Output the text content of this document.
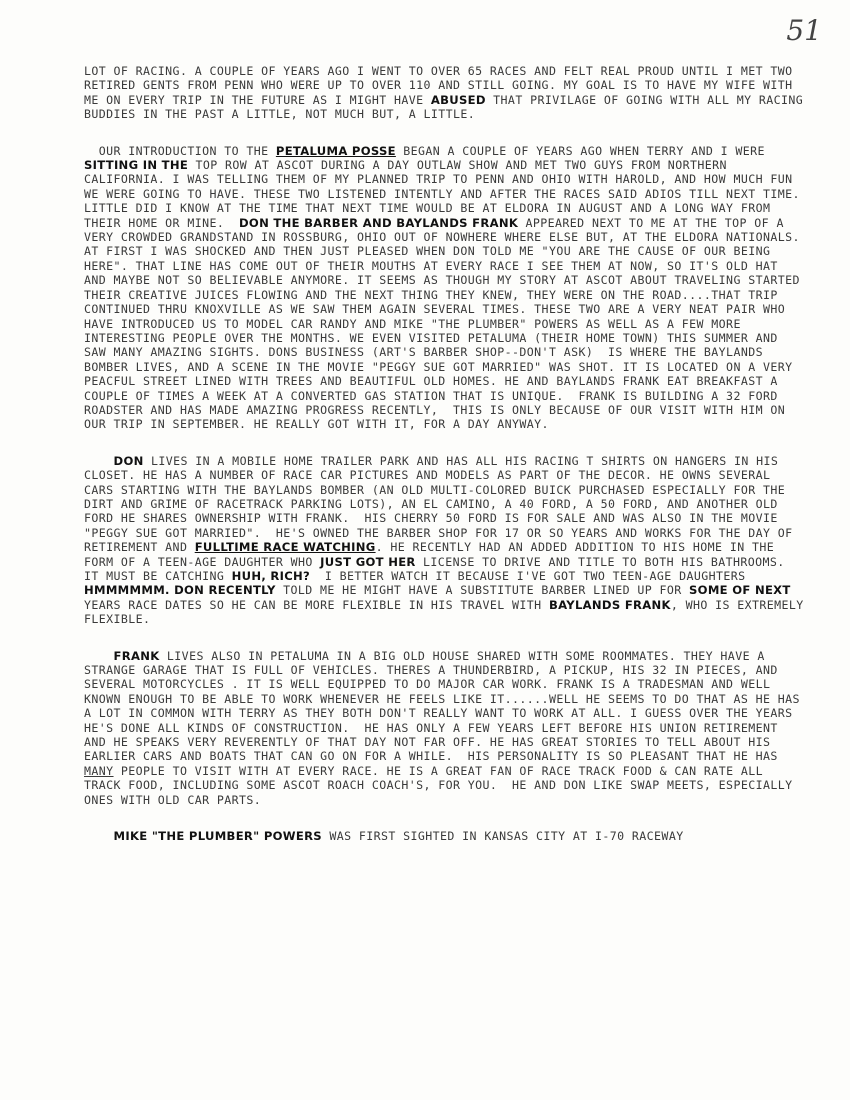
51

LOT OF RACING. A COUPLE OF YEARS AGO I WENT TO OVER 65 RACES AND FELT REAL PROUD UNTIL I MET TWO RETIRED GENTS FROM PENN WHO WERE UP TO OVER 110 AND STILL GOING. MY GOAL IS TO HAVE MY WIFE WITH ME ON EVERY TRIP IN THE FUTURE AS I MIGHT HAVE ABUSED THAT PRIVILAGE OF GOING WITH ALL MY RACING BUDDIES IN THE PAST A LITTLE, NOT MUCH BUT, A LITTLE.

OUR INTRODUCTION TO THE PETALUMA POSSE BEGAN A COUPLE OF YEARS AGO WHEN TERRY AND I WERE SITTING IN THE TOP ROW AT ASCOT DURING A DAY OUTLAW SHOW AND MET TWO GUYS FROM NORTHERN CALIFORNIA. I WAS TELLING THEM OF MY PLANNED TRIP TO PENN AND OHIO WITH HAROLD, AND HOW MUCH FUN WE WERE GOING TO HAVE. THESE TWO LISTENED INTENTLY AND AFTER THE RACES SAID ADIOS TILL NEXT TIME. LITTLE DID I KNOW AT THE TIME THAT NEXT TIME WOULD BE AT ELDORA IN AUGUST AND A LONG WAY FROM THEIR HOME OR MINE.  DON THE BARBER AND BAYLANDS FRANK APPEARED NEXT TO ME AT THE TOP OF A VERY CROWDED GRANDSTAND IN ROSSBURG, OHIO OUT OF NOWHERE WHERE ELSE BUT, AT THE ELDORA NATIONALS.  AT FIRST I WAS SHOCKED AND THEN JUST PLEASED WHEN DON TOLD ME "YOU ARE THE CAUSE OF OUR BEING HERE". THAT LINE HAS COME OUT OF THEIR MOUTHS AT EVERY RACE I SEE THEM AT NOW, SO IT'S OLD HAT AND MAYBE NOT SO BELIEVABLE ANYMORE. IT SEEMS AS THOUGH MY STORY AT ASCOT ABOUT TRAVELING STARTED THEIR CREATIVE JUICES FLOWING AND THE NEXT THING THEY KNEW, THEY WERE ON THE ROAD....THAT TRIP CONTINUED THRU KNOXVILLE AS WE SAW THEM AGAIN SEVERAL TIMES. THESE TWO ARE A VERY NEAT PAIR WHO HAVE INTRODUCED US TO MODEL CAR RANDY AND MIKE "THE PLUMBER" POWERS AS WELL AS A FEW MORE INTERESTING PEOPLE OVER THE MONTHS. WE EVEN VISITED PETALUMA (THEIR HOME TOWN) THIS SUMMER AND SAW MANY AMAZING SIGHTS. DONS BUSINESS (ART'S BARBER SHOP--DON'T ASK)  IS WHERE THE BAYLANDS BOMBER LIVES, AND A SCENE IN THE MOVIE "PEGGY SUE GOT MARRIED" WAS SHOT. IT IS LOCATED ON A VERY PEACFUL STREET LINED WITH TREES AND BEAUTIFUL OLD HOMES. HE AND BAYLANDS FRANK EAT BREAKFAST A COUPLE OF TIMES A WEEK AT A CONVERTED GAS STATION THAT IS UNIQUE.  FRANK IS BUILDING A 32 FORD ROADSTER AND HAS MADE AMAZING PROGRESS RECENTLY,  THIS IS ONLY BECAUSE OF OUR VISIT WITH HIM ON OUR TRIP IN SEPTEMBER. HE REALLY GOT WITH IT, FOR A DAY ANYWAY.

DON LIVES IN A MOBILE HOME TRAILER PARK AND HAS ALL HIS RACING T SHIRTS ON HANGERS IN HIS CLOSET. HE HAS A NUMBER OF RACE CAR PICTURES AND MODELS AS PART OF THE DECOR. HE OWNS SEVERAL CARS STARTING WITH THE BAYLANDS BOMBER (AN OLD MULTI-COLORED BUICK PURCHASED ESPECIALLY FOR THE DIRT AND GRIME OF RACETRACK PARKING LOTS), AN EL CAMINO, A 40 FORD, A 50 FORD, AND ANOTHER OLD FORD HE SHARES OWNERSHIP WITH FRANK.  HIS CHERRY 50 FORD IS FOR SALE AND WAS ALSO IN THE MOVIE "PEGGY SUE GOT MARRIED".  HE'S OWNED THE BARBER SHOP FOR 17 OR SO YEARS AND WORKS FOR THE DAY OF RETIREMENT AND FULLTIME RACE WATCHING. HE RECENTLY HAD AN ADDED ADDITION TO HIS HOME IN THE FORM OF A TEEN-AGE DAUGHTER WHO JUST GOT HER LICENSE TO DRIVE AND TITLE TO BOTH HIS BATHROOMS. IT MUST BE CATCHING HUH, RICH?  I BETTER WATCH IT BECAUSE I'VE GOT TWO TEEN-AGE DAUGHTERS HMMMMMM. DON RECENTLY TOLD ME HE MIGHT HAVE A SUBSTITUTE BARBER LINED UP FOR SOME OF NEXT YEARS RACE DATES SO HE CAN BE MORE FLEXIBLE IN HIS TRAVEL WITH BAYLANDS FRANK, WHO IS EXTREMELY FLEXIBLE.

FRANK LIVES ALSO IN PETALUMA IN A BIG OLD HOUSE SHARED WITH SOME ROOMMATES. THEY HAVE A STRANGE GARAGE THAT IS FULL OF VEHICLES. THERES A THUNDERBIRD, A PICKUP, HIS 32 IN PIECES, AND SEVERAL MOTORCYCLES . IT IS WELL EQUIPPED TO DO MAJOR CAR WORK. FRANK IS A TRADESMAN AND WELL KNOWN ENOUGH TO BE ABLE TO WORK WHENEVER HE FEELS LIKE IT......WELL HE SEEMS TO DO THAT AS HE HAS A LOT IN COMMON WITH TERRY AS THEY BOTH DON'T REALLY WANT TO WORK AT ALL. I GUESS OVER THE YEARS HE'S DONE ALL KINDS OF CONSTRUCTION.  HE HAS ONLY A FEW YEARS LEFT BEFORE HIS UNION RETIREMENT AND HE SPEAKS VERY REVERENTLY OF THAT DAY NOT FAR OFF. HE HAS GREAT STORIES TO TELL ABOUT HIS EARLIER CARS AND BOATS THAT CAN GO ON FOR A WHILE.  HIS PERSONALITY IS SO PLEASANT THAT HE HAS MANY PEOPLE TO VISIT WITH AT EVERY RACE. HE IS A GREAT FAN OF RACE TRACK FOOD & CAN RATE ALL TRACK FOOD, INCLUDING SOME ASCOT ROACH COACH'S, FOR YOU.  HE AND DON LIKE SWAP MEETS, ESPECIALLY ONES WITH OLD CAR PARTS.

MIKE "THE PLUMBER" POWERS WAS FIRST SIGHTED IN KANSAS CITY AT I-70 RACEWAY
